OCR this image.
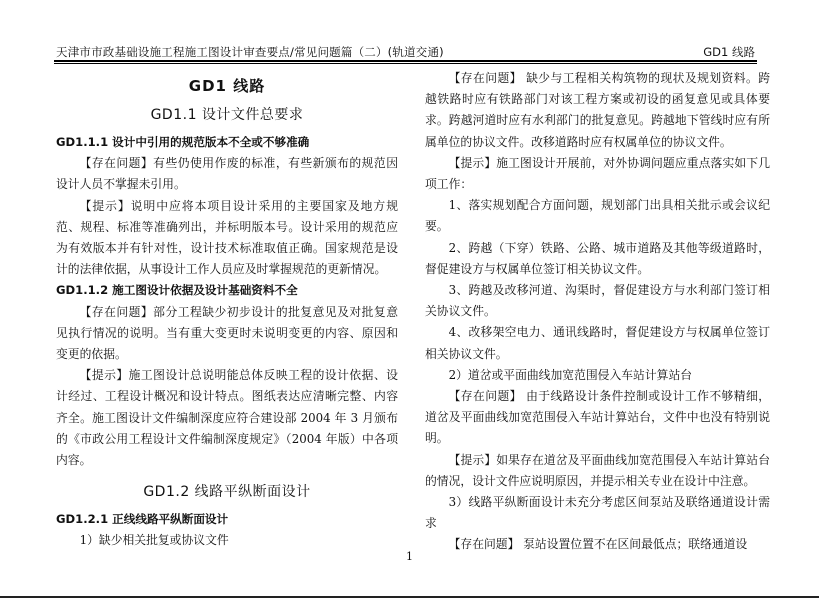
天津市市政基础设施工程施工图设计审查要点/常见问题篇（二）(轨道交通)	GD1 线路
GD1 线路
GD1.1 设计文件总要求

GD1.1.1 设计中引用的规范版本不全或不够准确

【存在问题】有些仍使用作废的标准，有些新颁布的规范因设计人员不掌握未引用。

【提示】说明中应将本项目设计采用的主要国家及地方规范、规程、标准等准确列出，并标明版本号。设计采用的规范应为有效版本并有针对性，设计技术标准取值正确。国家规范是设计的法律依据，从事设计工作人员应及时掌握规范的更新情况。

GD1.1.2 施工图设计依据及设计基础资料不全

【存在问题】部分工程缺少初步设计的批复意见及对批复意见执行情况的说明。当有重大变更时未说明变更的内容、原因和变更的依据。

【提示】施工图设计总说明能总体反映工程的设计依据、设计经过、工程设计概况和设计特点。图纸表达应清晰完整、内容齐全。施工图设计文件编制深度应符合建设部 2004 年 3 月颁布的《市政公用工程设计文件编制深度规定》（2004 年版）中各项内容。

GD1.2 线路平纵断面设计

GD1.2.1 正线线路平纵断面设计

1）缺少相关批复或协议文件

【存在问题】 缺少与工程相关构筑物的现状及规划资料。跨越铁路时应有铁路部门对该工程方案或初设的函复意见或具体要求。跨越河道时应有水利部门的批复意见。跨越地下管线时应有所属单位的协议文件。改移道路时应有权属单位的协议文件。

【提示】施工图设计开展前，对外协调问题应重点落实如下几项工作：

1、落实规划配合方面问题，规划部门出具相关批示或会议纪要。

2、跨越（下穿）铁路、公路、城市道路及其他等级道路时，督促建设方与权属单位签订相关协议文件。

3、跨越及改移河道、沟渠时，督促建设方与水利部门签订相关协议文件。

4、改移架空电力、通讯线路时，督促建设方与权属单位签订相关协议文件。

2）道岔或平面曲线加宽范围侵入车站计算站台

【存在问题】 由于线路设计条件控制或设计工作不够精细，道岔及平面曲线加宽范围侵入车站计算站台，文件中也没有特别说明。

【提示】如果存在道岔及平面曲线加宽范围侵入车站计算站台的情况，设计文件应说明原因，并提示相关专业在设计中注意。

3）线路平纵断面设计未充分考虑区间泵站及联络通道设计需求

【存在问题】 泵站设置位置不在区间最低点；联络通道设

1
